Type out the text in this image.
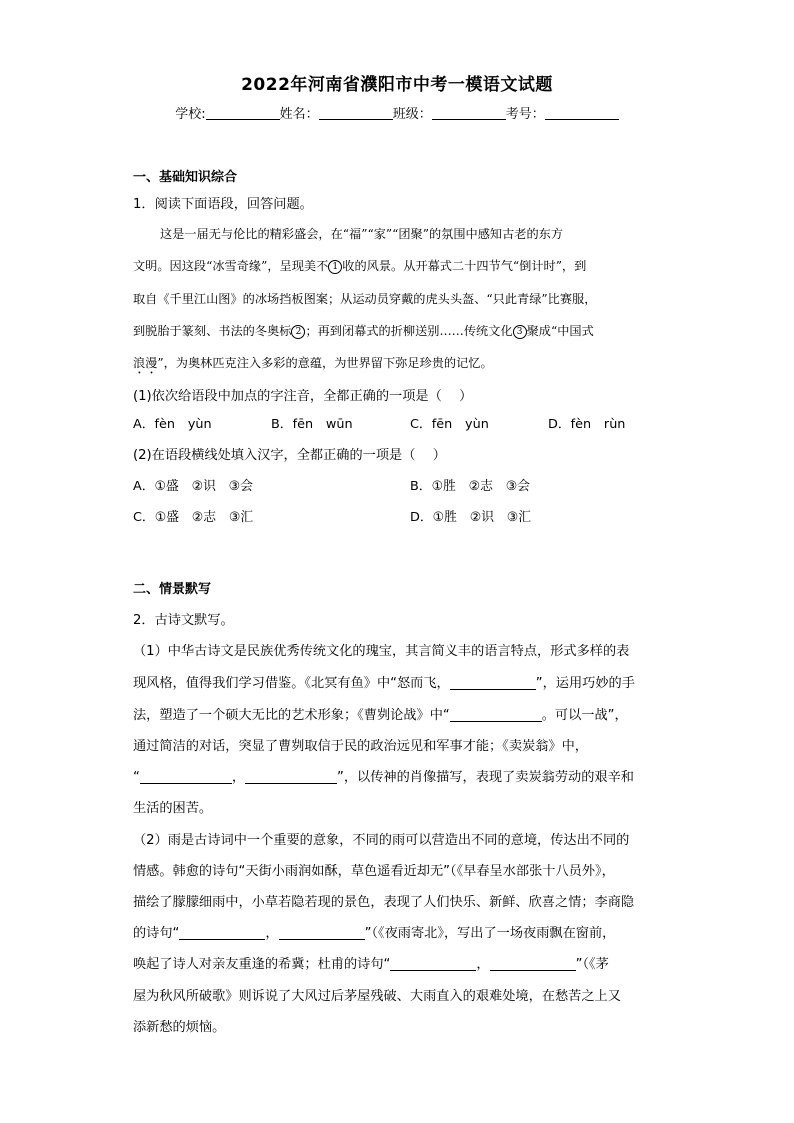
2022年河南省濮阳市中考一模语文试题
学校:	姓名：	班级：	考号：
一、基础知识综合
1．阅读下面语段，回答问题。
这是一届无与伦比的精彩盛会，在“福”“家”“团聚”的氛围中感知古老的东方
文明。因这段“冰雪奇缘”，呈现美不 1 收的风景。从开幕式二十四节气“倒计时”，到
取自《千里江山图》的冰场挡板图案；从运动员穿戴的虎头头盔、“只此青绿”比赛服，
到脱胎于篆刻、书法的冬奥标 2 ；再到闭幕式的折柳送别……传统文化 3 聚成“中国式
浪漫”，为奥林匹克注入多彩的意蕴，为世界留下弥足珍贵的记忆。
(1)依次给语段中加点的字注音，全都正确的一项是（　 ）
A．fèn　yùn	B．fēn　wūn	C．fēn　yùn	D．fèn　rùn
(2)在语段横线处填入汉字，全都正确的一项是（　 ）
A．①盛　②识　③会	B．①胜　②志　③会
C．①盛　②志　③汇	D．①胜　②识　③汇
二、情景默写
2．古诗文默写。
（1）中华古诗文是民族优秀传统文化的瑰宝，其言简义丰的语言特点，形式多样的表
现风格，值得我们学习借鉴。《北冥有鱼》中“怒而飞，	”，运用巧妙的手
法，塑造了一个硕大无比的艺术形象；《曹刿论战》中“	。可以一战”，
通过简洁的对话，突显了曹刿取信于民的政治远见和军事才能；《卖炭翁》中，
“	，	”，以传神的肖像描写，表现了卖炭翁劳动的艰辛和
生活的困苦。
（2）雨是古诗词中一个重要的意象，不同的雨可以营造出不同的意境，传达出不同的
情感。韩愈的诗句“天街小雨润如酥，草色遥看近却无”（《早春呈水部张十八员外》，
描绘了朦朦细雨中，小草若隐若现的景色，表现了人们快乐、新鲜、欣喜之情；李商隐
的诗句“	，	”（《夜雨寄北》，写出了一场夜雨飘在窗前，
唤起了诗人对亲友重逢的希冀；杜甫的诗句“	，	”（《茅
屋为秋风所破歌》则诉说了大风过后茅屋残破、大雨直入的艰难处境，在愁苦之上又
添新愁的烦恼。
